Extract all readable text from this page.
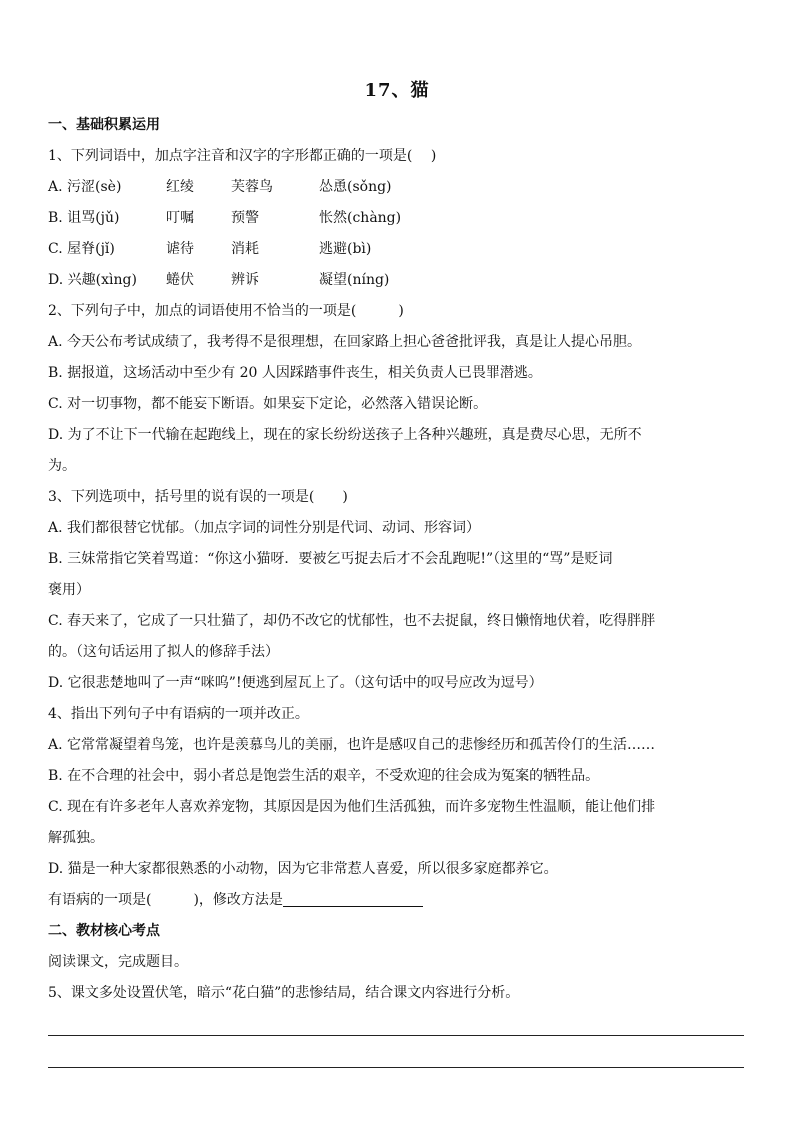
17、猫
一、基础积累运用
1、下列词语中，加点字注音和汉字的字形都正确的一项是(　 )
A. 污涩(sè)	红绫	芙蓉鸟	怂恿(sǒng)
B. 诅骂(jǔ)	叮嘱	预警	怅然(chàng)
C. 屋脊(jǐ)	谑待	消耗	逃避(bì)
D. 兴趣(xìng) 蜷伏	辨诉	凝望(níng)
2、下列句子中，加点的词语使用不恰当的一项是(　　　)
A. 今天公布考试成绩了，我考得不是很理想，在回家路上担心爸爸批评我，真是让人提心吊胆。
B. 据报道，这场活动中至少有 20 人因踩踏事件丧生，相关负责人已畏罪潜逃。
C. 对一切事物，都不能妄下断语。如果妄下定论，必然落入错误论断。
D. 为了不让下一代输在起跑线上，现在的家长纷纷送孩子上各种兴趣班，真是费尽心思，无所不
为。
3、下列选项中，括号里的说有误的一项是(　　)
A. 我们都很替它忧郁。（加点字词的词性分别是代词、动词、形容词）
B. 三妹常指它笑着骂道：“你这小猫呀．要被乞丐捉去后才不会乱跑呢!”（这里的“骂”是贬词
褒用）
C. 春天来了，它成了一只壮猫了，却仍不改它的忧郁性，也不去捉鼠，终日懒惰地伏着，吃得胖胖
的。（这句话运用了拟人的修辞手法）
D. 它很悲楚地叫了一声“咪呜”!便逃到屋瓦上了。（这句话中的叹号应改为逗号）
4、指出下列句子中有语病的一项并改正。
A. 它常常凝望着鸟笼，也许是羡慕鸟儿的美丽，也许是感叹自己的悲惨经历和孤苦伶仃的生活……
B. 在不合理的社会中，弱小者总是饱尝生活的艰辛，不受欢迎的往会成为冤案的牺牲品。
C. 现在有许多老年人喜欢养宠物，其原因是因为他们生活孤独，而许多宠物生性温顺，能让他们排
解孤独。
D. 猫是一种大家都很熟悉的小动物，因为它非常惹人喜爱，所以很多家庭都养它。
有语病的一项是(　　　)，修改方法是
二、教材核心考点
阅读课文，完成题目。
5、课文多处设置伏笔，暗示“花白猫”的悲惨结局，结合课文内容进行分析。
